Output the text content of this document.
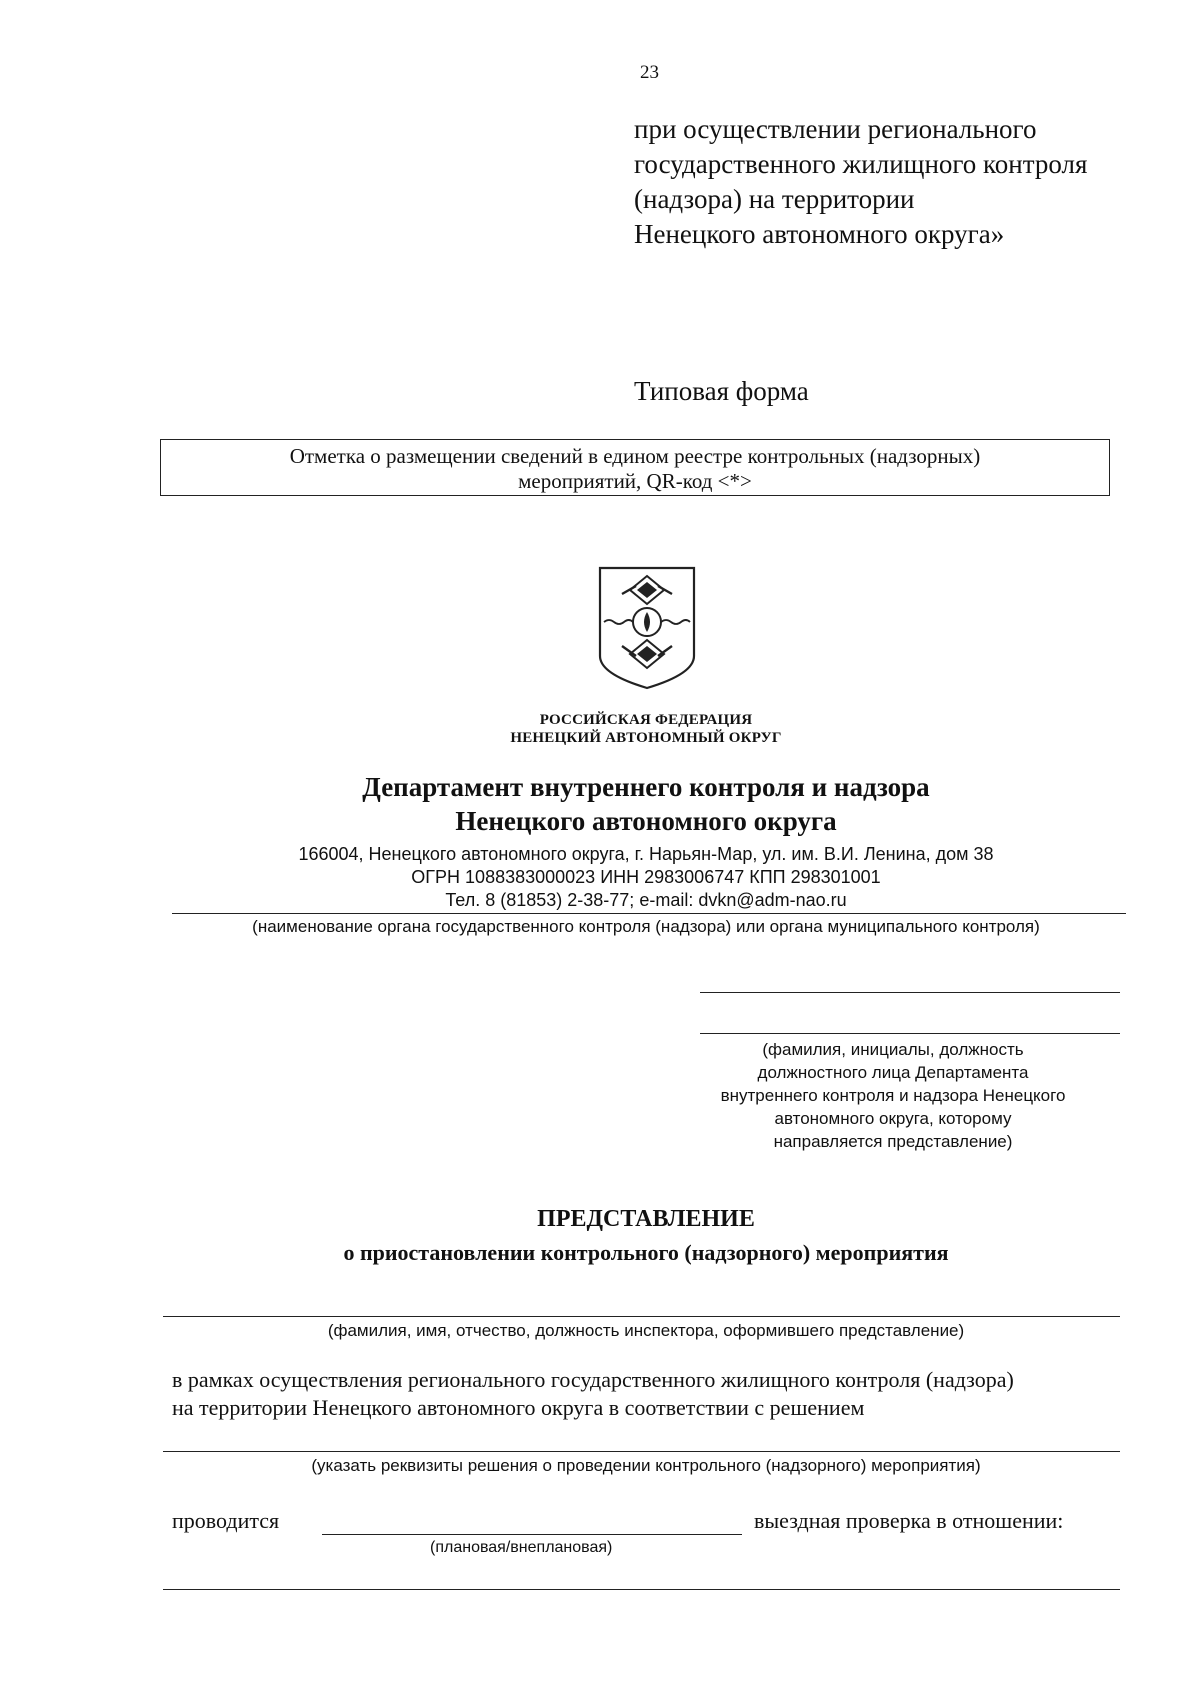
23
при осуществлении регионального
государственного жилищного контроля
(надзора) на территории
Ненецкого автономного округа»
Типовая форма
Отметка о размещении сведений в едином реестре контрольных (надзорных)
мероприятий, QR-код <*>
РОССИЙСКАЯ ФЕДЕРАЦИЯ
НЕНЕЦКИЙ АВТОНОМНЫЙ ОКРУГ
Департамент внутреннего контроля и надзора
Ненецкого автономного округа
166004, Ненецкого автономного округа, г. Нарьян-Мар, ул. им. В.И. Ленина, дом 38
ОГРН 1088383000023 ИНН 2983006747 КПП 298301001
Тел. 8 (81853) 2-38-77; e-mail: dvkn@adm-nao.ru
(наименование органа государственного контроля (надзора) или органа муниципального контроля)
(фамилия, инициалы, должность
должностного лица Департамента
внутреннего контроля и надзора Ненецкого
автономного округа, которому
направляется представление)
ПРЕДСТАВЛЕНИЕ
о приостановлении контрольного (надзорного) мероприятия
(фамилия, имя, отчество, должность инспектора, оформившего представление)
в рамках осуществления регионального государственного жилищного контроля (надзора)
на территории Ненецкого автономного округа в соответствии с решением
(указать реквизиты решения о проведении контрольного (надзорного) мероприятия)
проводится	выездная проверка в отношении:
(плановая/внеплановая)
